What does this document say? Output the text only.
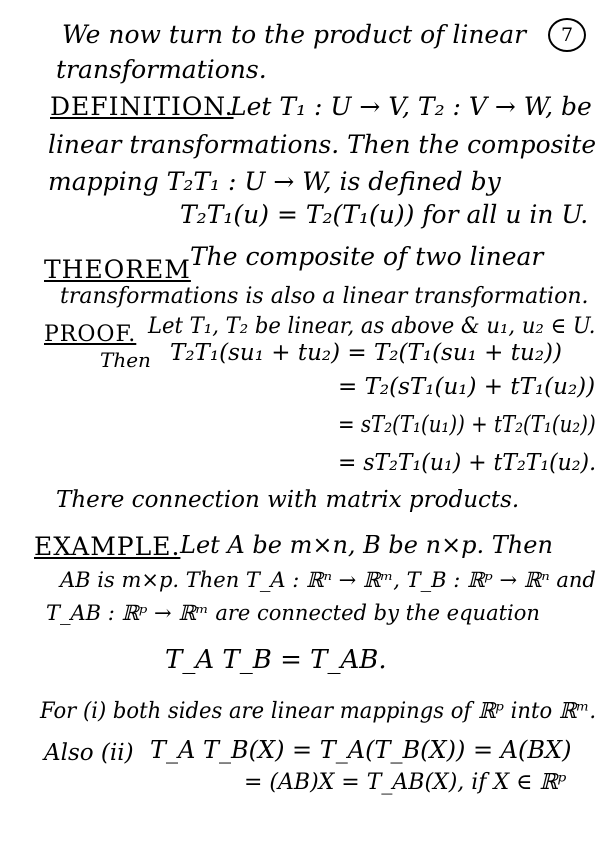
7
We now turn to the product of linear
transformations.
DEFINITION.
Let T₁ : U → V, T₂ : V → W, be
linear transformations. Then the composite
mapping T₂T₁ : U → W, is defined by
T₂T₁(u) = T₂(T₁(u)) for all u in U.
THEOREM The composite of two linear
transformations is also a linear transformation.
PROOF. Let T₁, T₂ be linear, as above & u₁, u₂ ∈ U.
Then T₂T₁(su₁ + tu₂) = T₂(T₁(su₁ + tu₂))
= T₂(sT₁(u₁) + tT₁(u₂))
= sT₂(T₁(u₁)) + tT₂(T₁(u₂))
= sT₂T₁(u₁) + tT₂T₁(u₂).
There connection with matrix products.
EXAMPLE. Let A be m×n, B be n×p. Then
AB is m×p. Then T_A : ℝⁿ → ℝᵐ, T_B : ℝᵖ → ℝⁿ and
T_AB : ℝᵖ → ℝᵐ are connected by the equation
T_A T_B = T_AB.
For (i) both sides are linear mappings of ℝᵖ into ℝᵐ.
Also (ii) T_A T_B(X) = T_A(T_B(X)) = A(BX)
= (AB)X = T_AB(X), if X ∈ ℝᵖ
